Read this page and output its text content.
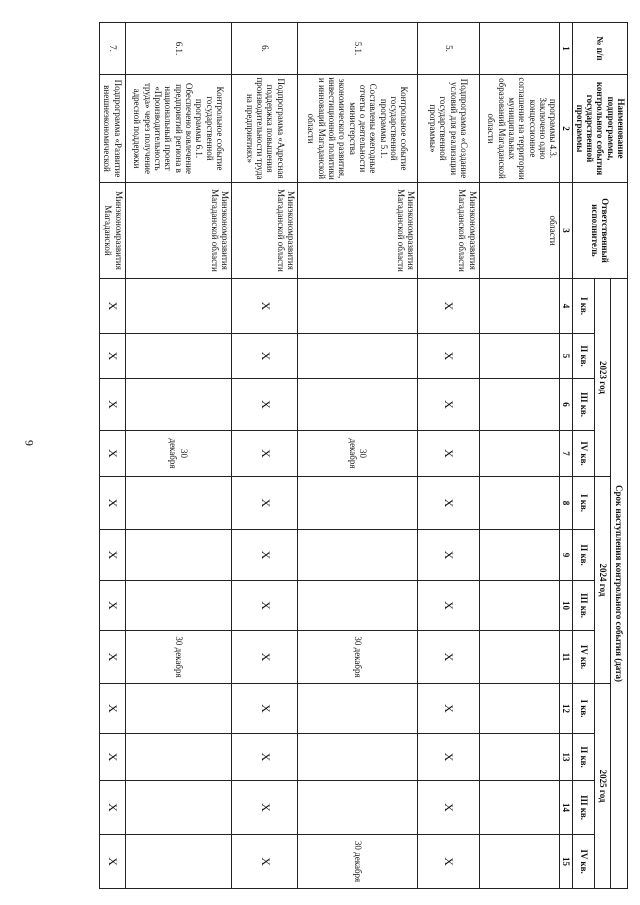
6
№ п/п	Наименование подпрограммы, контрольного события государственной программы	Ответственный исполнитель	Срок наступления контрольного события (дата)											
			2023 год				2024 год				2025 год			
			I кв.	II кв.	III кв.	IV кв.	I кв.	II кв.	III кв.	IV кв.	I кв.	II кв.	III кв.	IV кв.
1	2	3	4	5	6	7	8	9	10	11	12	13	14	15
	программы 4.3. Заключено одно концессионное соглашение на территории муниципальных образований Магаданской области	области												
5.	Подпрограмма «Создание условий для реализации государственной программы»	Минэкономразвития Магаданской области	X	X	X	X	X	X	X	X	X	X	X	X
5.1.	Контрольное событие государственной программы 5.1. Составлены ежегодные отчеты о деятельности министерства экономического развития, инвестиционной политики и инноваций Магаданской области	Минэкономразвития Магаданской области				30 декабря				30 декабря				30 декабря
6.	Подпрограмма «Адресная поддержка повышения производительности труда на предприятиях»	Минэкономразвития Магаданской области	X	X	X	X	X	X	X	X	X	X	X	X
6.1.	Контрольное событие государственной программы 6.1. Обеспечено вовлечение предприятий региона в национальный проект «Производительность труда» через получение адресной поддержки	Минэкономразвития Магаданской области				30 декабря				30 декабря				
7.	Подпрограмма «Развитие внешнеэкономической	Минэкономразвития Магаданской	X	X	X	X	X	X	X	X	X	X	X	X
